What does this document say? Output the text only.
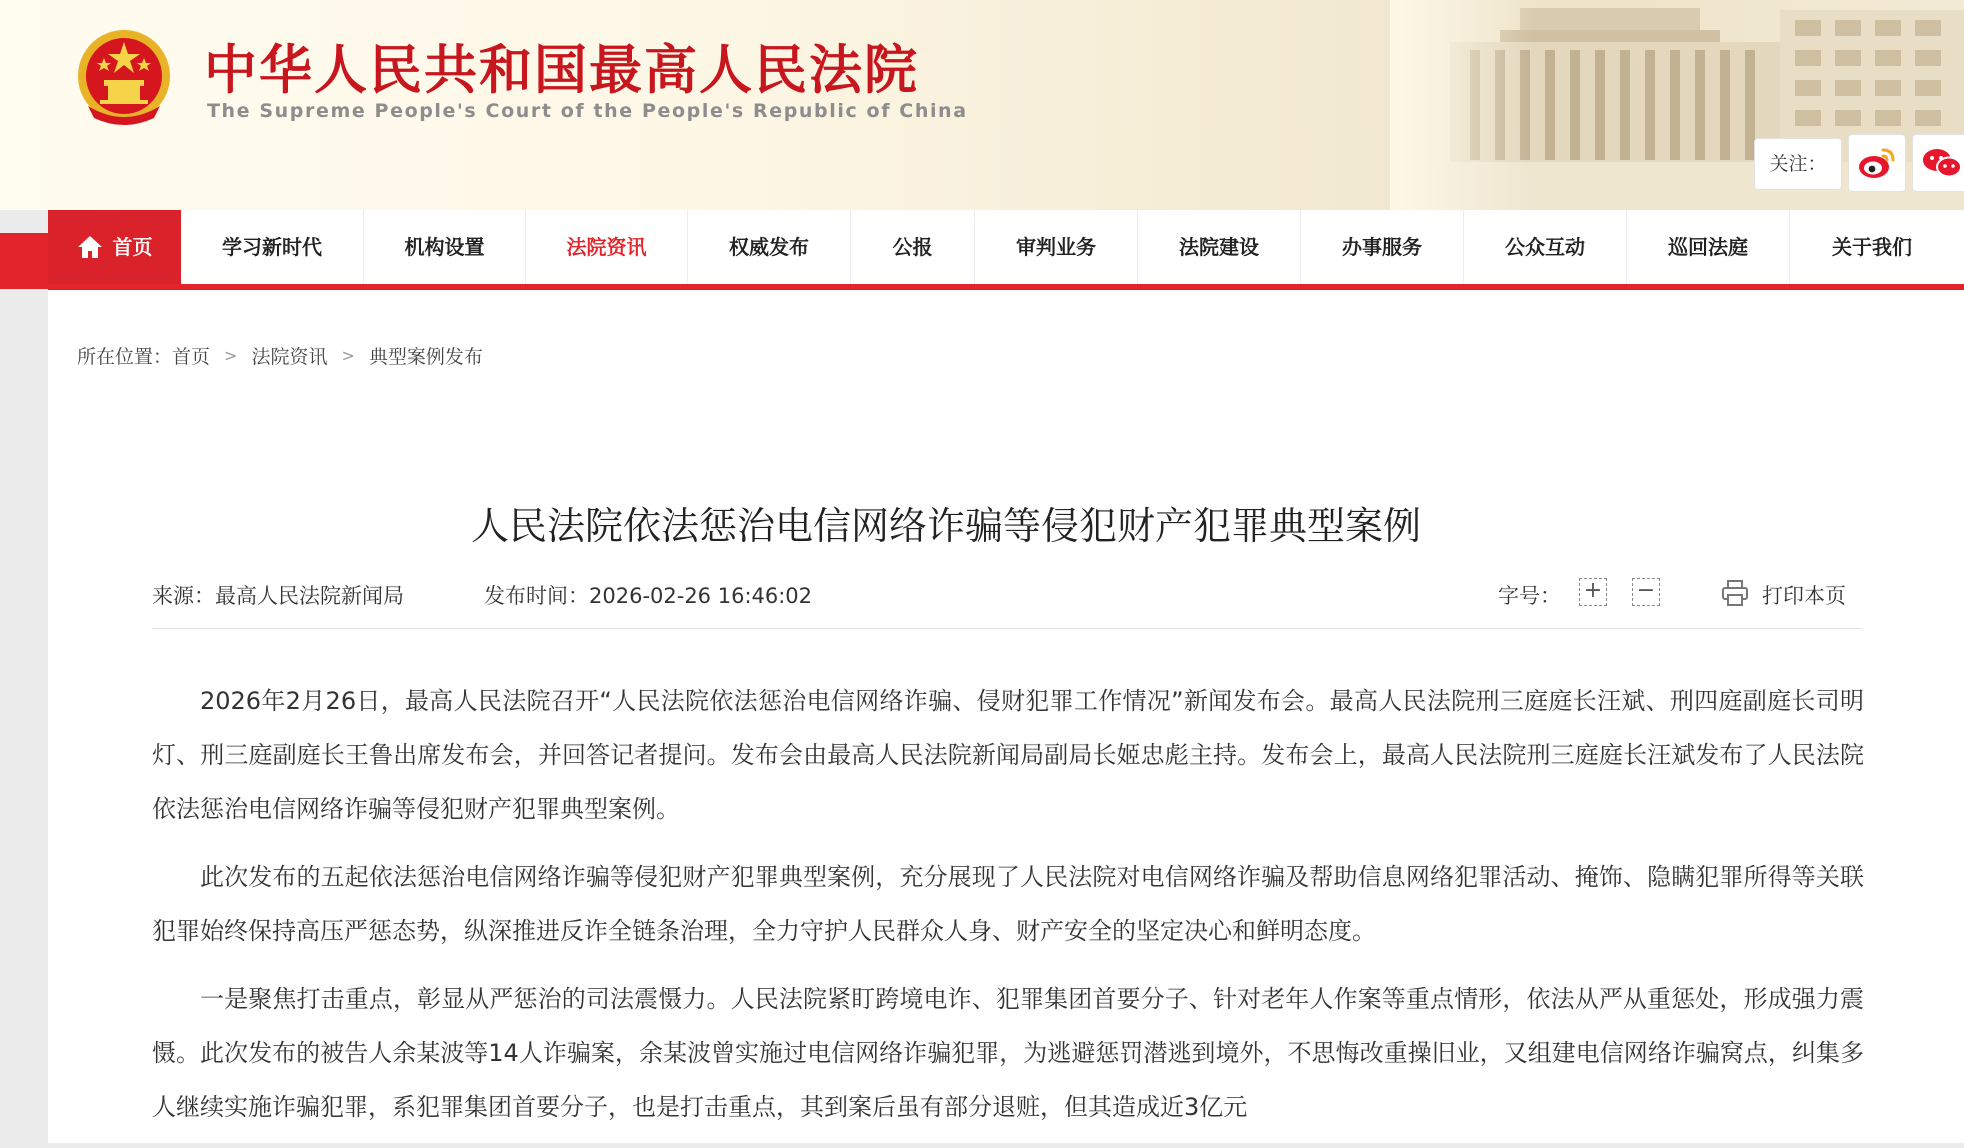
中华人民共和国最高人民法院
The Supreme People's Court of the People's Republic of China
关注：
首页	学习新时代	机构设置	法院资讯	权威发布	公报	审判业务	法院建设	办事服务	公众互动	巡回法庭	关于我们
所在位置： 首页 > 法院资讯 > 典型案例发布
人民法院依法惩治电信网络诈骗等侵犯财产犯罪典型案例
来源：最高人民法院新闻局	发布时间：2026-02-26 16:46:02	字号： + −	打印本页

2026年2月26日，最高人民法院召开“人民法院依法惩治电信网络诈骗、侵财犯罪工作情况”新闻发布会。最高人民法院刑三庭庭长汪斌、刑四庭副庭长司明灯、刑三庭副庭长王鲁出席发布会，并回答记者提问。发布会由最高人民法院新闻局副局长姬忠彪主持。发布会上，最高人民法院刑三庭庭长汪斌发布了人民法院依法惩治电信网络诈骗等侵犯财产犯罪典型案例。

此次发布的五起依法惩治电信网络诈骗等侵犯财产犯罪典型案例，充分展现了人民法院对电信网络诈骗及帮助信息网络犯罪活动、掩饰、隐瞒犯罪所得等关联犯罪始终保持高压严惩态势，纵深推进反诈全链条治理，全力守护人民群众人身、财产安全的坚定决心和鲜明态度。

一是聚焦打击重点，彰显从严惩治的司法震慑力。人民法院紧盯跨境电诈、犯罪集团首要分子、针对老年人作案等重点情形，依法从严从重惩处，形成强力震慑。此次发布的被告人余某波等14人诈骗案，余某波曾实施过电信网络诈骗犯罪，为逃避惩罚潜逃到境外，不思悔改重操旧业，又组建电信网络诈骗窝点，纠集多人继续实施诈骗犯罪，系犯罪集团首要分子，也是打击重点，其到案后虽有部分退赃，但其造成近3亿元
